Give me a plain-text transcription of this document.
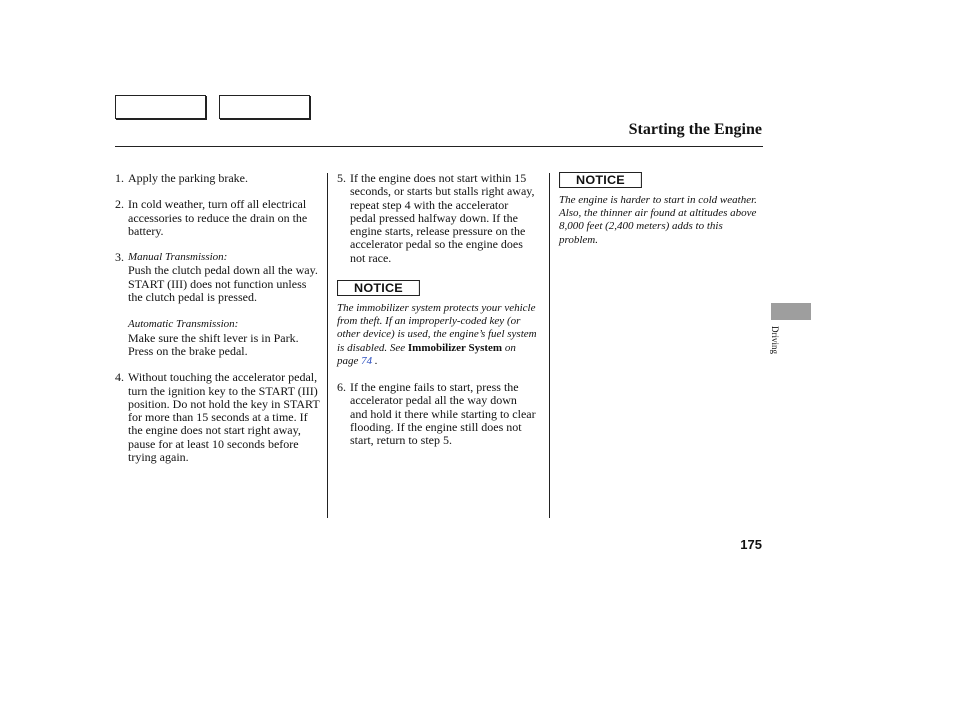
Starting the Engine
1. Apply the parking brake.
2. In cold weather, turn off all electrical accessories to reduce the drain on the battery.
3. Manual Transmission:
Push the clutch pedal down all the way. START (III) does not function unless the clutch pedal is pressed.
Automatic Transmission:
Make sure the shift lever is in Park. Press on the brake pedal.
4. Without touching the accelerator pedal, turn the ignition key to the START (III) position. Do not hold the key in START for more than 15 seconds at a time. If the engine does not start right away, pause for at least 10 seconds before trying again.
5. If the engine does not start within 15 seconds, or starts but stalls right away, repeat step 4 with the accelerator pedal pressed halfway down. If the engine starts, release pressure on the accelerator pedal so the engine does not race.
NOTICE
The immobilizer system protects your vehicle from theft. If an improperly-coded key (or other device) is used, the engine’s fuel system is disabled. See Immobilizer System on page 74 .
6. If the engine fails to start, press the accelerator pedal all the way down and hold it there while starting to clear flooding. If the engine still does not start, return to step 5.
NOTICE
The engine is harder to start in cold weather. Also, the thinner air found at altitudes above 8,000 feet (2,400 meters) adds to this problem.
Driving
175
